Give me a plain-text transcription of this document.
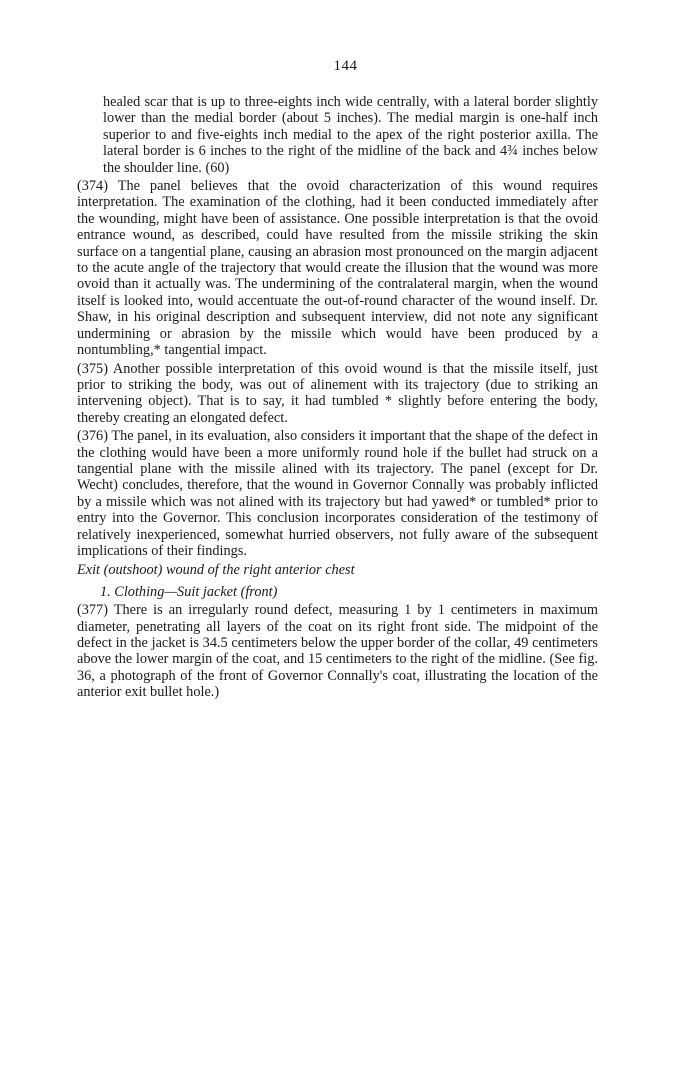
144

healed scar that is up to three-eights inch wide centrally, with a lateral border slightly lower than the medial border (about 5 inches). The medial margin is one-half inch superior to and five-eights inch medial to the apex of the right posterior axilla. The lateral border is 6 inches to the right of the midline of the back and 4¾ inches below the shoulder line. (60)

(374) The panel believes that the ovoid characterization of this wound requires interpretation. The examination of the clothing, had it been conducted immediately after the wounding, might have been of assistance. One possible interpretation is that the ovoid entrance wound, as described, could have resulted from the missile striking the skin surface on a tangential plane, causing an abrasion most pronounced on the margin adjacent to the acute angle of the trajectory that would create the illusion that the wound was more ovoid than it actually was. The undermining of the contralateral margin, when the wound itself is looked into, would accentuate the out-of-round character of the wound inself. Dr. Shaw, in his original description and subsequent interview, did not note any significant undermining or abrasion by the missile which would have been produced by a nontumbling,* tangential impact.

(375) Another possible interpretation of this ovoid wound is that the missile itself, just prior to striking the body, was out of alinement with its trajectory (due to striking an intervening object). That is to say, it had tumbled * slightly before entering the body, thereby creating an elongated defect.

(376) The panel, in its evaluation, also considers it important that the shape of the defect in the clothing would have been a more uniformly round hole if the bullet had struck on a tangential plane with the missile alined with its trajectory. The panel (except for Dr. Wecht) concludes, therefore, that the wound in Governor Connally was probably inflicted by a missile which was not alined with its trajectory but had yawed* or tumbled* prior to entry into the Governor. This conclusion incorporates consideration of the testimony of relatively inexperienced, somewhat hurried observers, not fully aware of the subsequent implications of their findings.

Exit (outshoot) wound of the right anterior chest

1. Clothing—Suit jacket (front)

(377) There is an irregularly round defect, measuring 1 by 1 centimeters in maximum diameter, penetrating all layers of the coat on its right front side. The midpoint of the defect in the jacket is 34.5 centimeters below the upper border of the collar, 49 centimeters above the lower margin of the coat, and 15 centimeters to the right of the midline. (See fig. 36, a photograph of the front of Governor Connally's coat, illustrating the location of the anterior exit bullet hole.)
